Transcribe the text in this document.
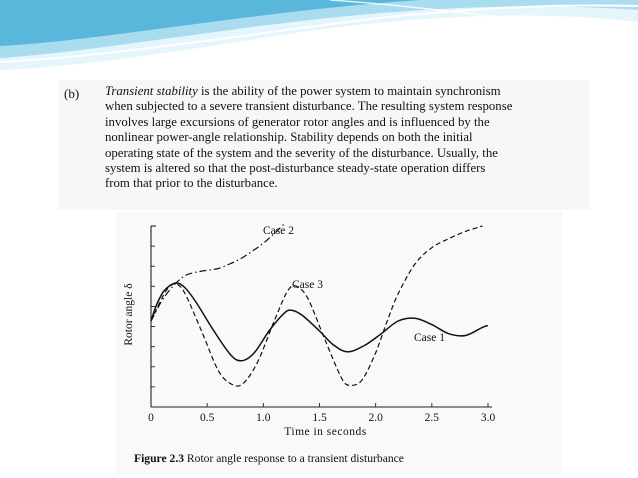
(b) Transient stability is the ability of the power system to maintain synchronism
when subjected to a severe transient disturbance. The resulting system response
involves large excursions of generator rotor angles and is influenced by the
nonlinear power-angle relationship. Stability depends on both the initial
operating state of the system and the severity of the disturbance. Usually, the
system is altered so that the post-disturbance steady-state operation differs
from that prior to the disturbance.
0	0.5	1.0	1.5	2.0	2.5	3.0
Time in seconds
Rotor angle δ
Case 2
Case 3
Case 1
Figure 2.3 Rotor angle response to a transient disturbance
